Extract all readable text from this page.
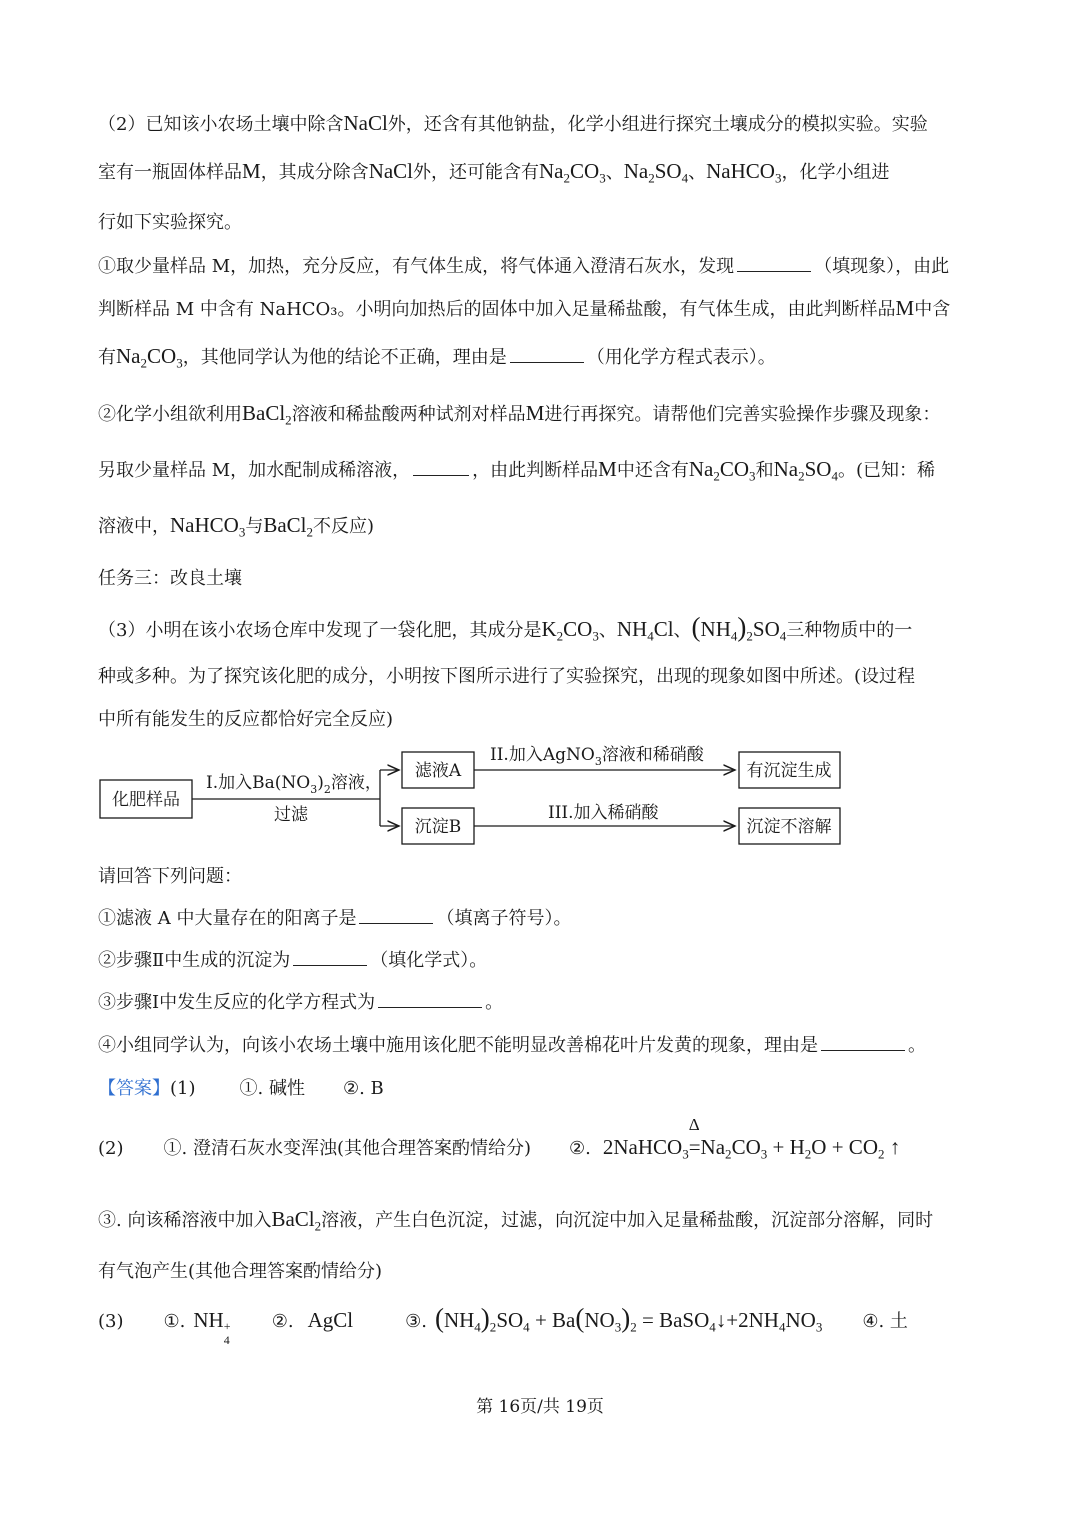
（2）已知该小农场土壤中除含NaCl外，还含有其他钠盐，化学小组进行探究土壤成分的模拟实验。实验
室有一瓶固体样品M，其成分除含NaCl外，还可能含有$Na_2CO_3$、$Na_2SO_4$、NaHCO$_3$，化学小组进
行如下实验探究。
①取少量样品 M，加热，充分反应，有气体生成，将气体通入澄清石灰水，发现	（填现象），由此
判断样品 M 中含有 NaHCO₃。小明向加热后的固体中加入足量稀盐酸，有气体生成，由此判断样品M中含
有$Na_2CO_3$，其他同学认为他的结论不正确，理由是	（用化学方程式表示）。
②化学小组欲利用BaCl$_2$溶液和稀盐酸两种试剂对样品M进行再探究。请帮他们完善实验操作步骤及现象：
另取少量样品 M，加水配制成稀溶液，	，由此判断样品M中还含有$Na_2CO_3$和$Na_2SO_4$。(已知：稀
溶液中，NaHCO$_3$与BaCl$_2$不反应)
任务三：改良土壤
（3）小明在该小农场仓库中发现了一袋化肥，其成分是$K_2CO_3$、$NH_4Cl$、$(NH_4)_2SO_4$三种物质中的一
种或多种。为了探究该化肥的成分，小明按下图所示进行了实验探究，出现的现象如图中所述。(设过程
中所有能发生的反应都恰好完全反应)
化肥样品
I.加入$Ba(NO_3)_2$溶液，
过滤
滤液A
沉淀B
II.加入AgNO$_3$溶液和稀硝酸
III.加入稀硝酸
有沉淀生成
沉淀不溶解
请回答下列问题：
①滤液 A 中大量存在的阳离子是	（填离子符号）。
②步骤Ⅱ中生成的沉淀为	（填化学式）。
③步骤Ⅰ中发生反应的化学方程式为	。
④小组同学认为，向该小农场土壤中施用该化肥不能明显改善棉花叶片发黄的现象，理由是	。
【答案】(1) ①. 碱性 ②. B
(2) ①. 澄清石灰水变浑浊(其他合理答案酌情给分) ②. 2NaHCO$_3$
Δ
$=Na_2CO_3 + H_2O + CO_2$ ↑
③. 向该稀溶液中加入BaCl$_2$溶液，产生白色沉淀，过滤，向沉淀中加入足量稀盐酸，沉淀部分溶解，同时
有气泡产生(其他合理答案酌情给分)
(3) ①. NH +
4
②. AgCl	③. $(NH_4)_2SO_4 + Ba(NO_3)_2$ = $BaSO_4↓+2NH_4NO_3$ ④. 土
第 16页/共 19页
